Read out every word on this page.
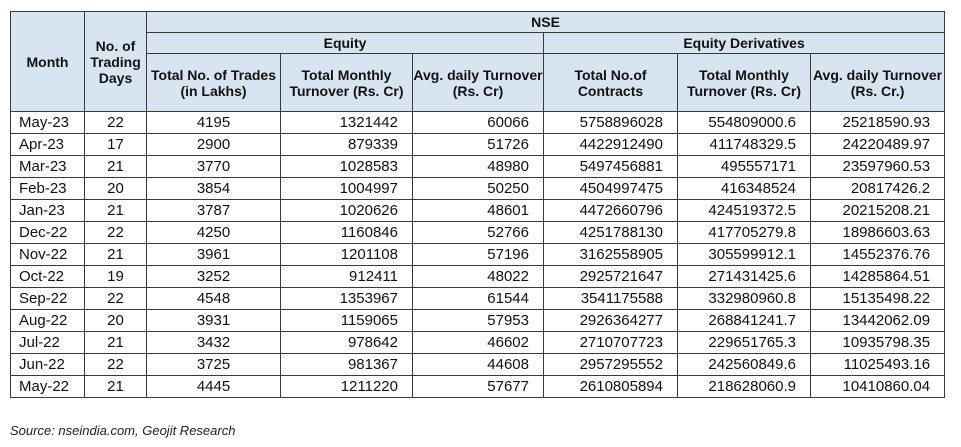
Month	No. of Trading Days	NSE					
		Equity			Equity Derivatives		
		Total No. of Trades (in Lakhs)	Total Monthly Turnover (Rs. Cr)	Avg. daily Turnover (Rs. Cr)	Total No.of Contracts	Total Monthly Turnover (Rs. Cr)	Avg. daily Turnover (Rs. Cr.)
May-23	22	4195	1321442	60066	5758896028	554809000.6	25218590.93
Apr-23	17	2900	879339	51726	4422912490	411748329.5	24220489.97
Mar-23	21	3770	1028583	48980	5497456881	495557171	23597960.53
Feb-23	20	3854	1004997	50250	4504997475	416348524	20817426.2
Jan-23	21	3787	1020626	48601	4472660796	424519372.5	20215208.21
Dec-22	22	4250	1160846	52766	4251788130	417705279.8	18986603.63
Nov-22	21	3961	1201108	57196	3162558905	305599912.1	14552376.76
Oct-22	19	3252	912411	48022	2925721647	271431425.6	14285864.51
Sep-22	22	4548	1353967	61544	3541175588	332980960.8	15135498.22
Aug-22	20	3931	1159065	57953	2926364277	268841241.7	13442062.09
Jul-22	21	3432	978642	46602	2710707723	229651765.3	10935798.35
Jun-22	22	3725	981367	44608	2957295552	242560849.6	11025493.16
May-22	21	4445	1211220	57677	2610805894	218628060.9	10410860.04
Source: nseindia.com, Geojit Research
